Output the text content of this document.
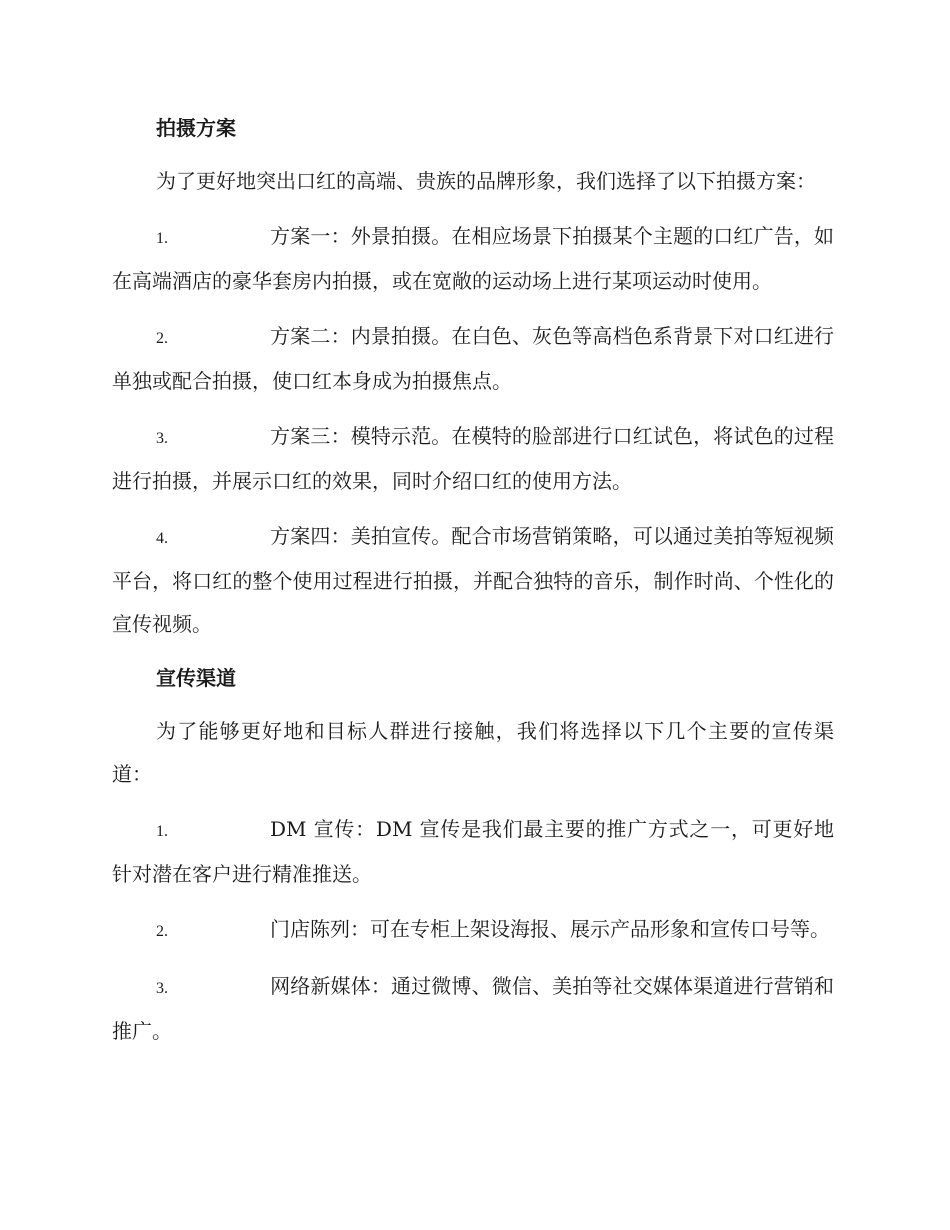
拍摄方案

为了更好地突出口红的高端、贵族的品牌形象，我们选择了以下拍摄方案：

1.	方案一：外景拍摄。在相应场景下拍摄某个主题的口红广告，如在高端酒店的豪华套房内拍摄，或在宽敞的运动场上进行某项运动时使用。

2.	方案二：内景拍摄。在白色、灰色等高档色系背景下对口红进行单独或配合拍摄，使口红本身成为拍摄焦点。

3.	方案三：模特示范。在模特的脸部进行口红试色，将试色的过程进行拍摄，并展示口红的效果，同时介绍口红的使用方法。

4.	方案四：美拍宣传。配合市场营销策略，可以通过美拍等短视频平台，将口红的整个使用过程进行拍摄，并配合独特的音乐，制作时尚、个性化的宣传视频。

宣传渠道

为了能够更好地和目标人群进行接触，我们将选择以下几个主要的宣传渠道：

1.	DM 宣传：DM 宣传是我们最主要的推广方式之一，可更好地针对潜在客户进行精准推送。

2.	门店陈列：可在专柜上架设海报、展示产品形象和宣传口号等。

3.	网络新媒体：通过微博、微信、美拍等社交媒体渠道进行营销和推广。
